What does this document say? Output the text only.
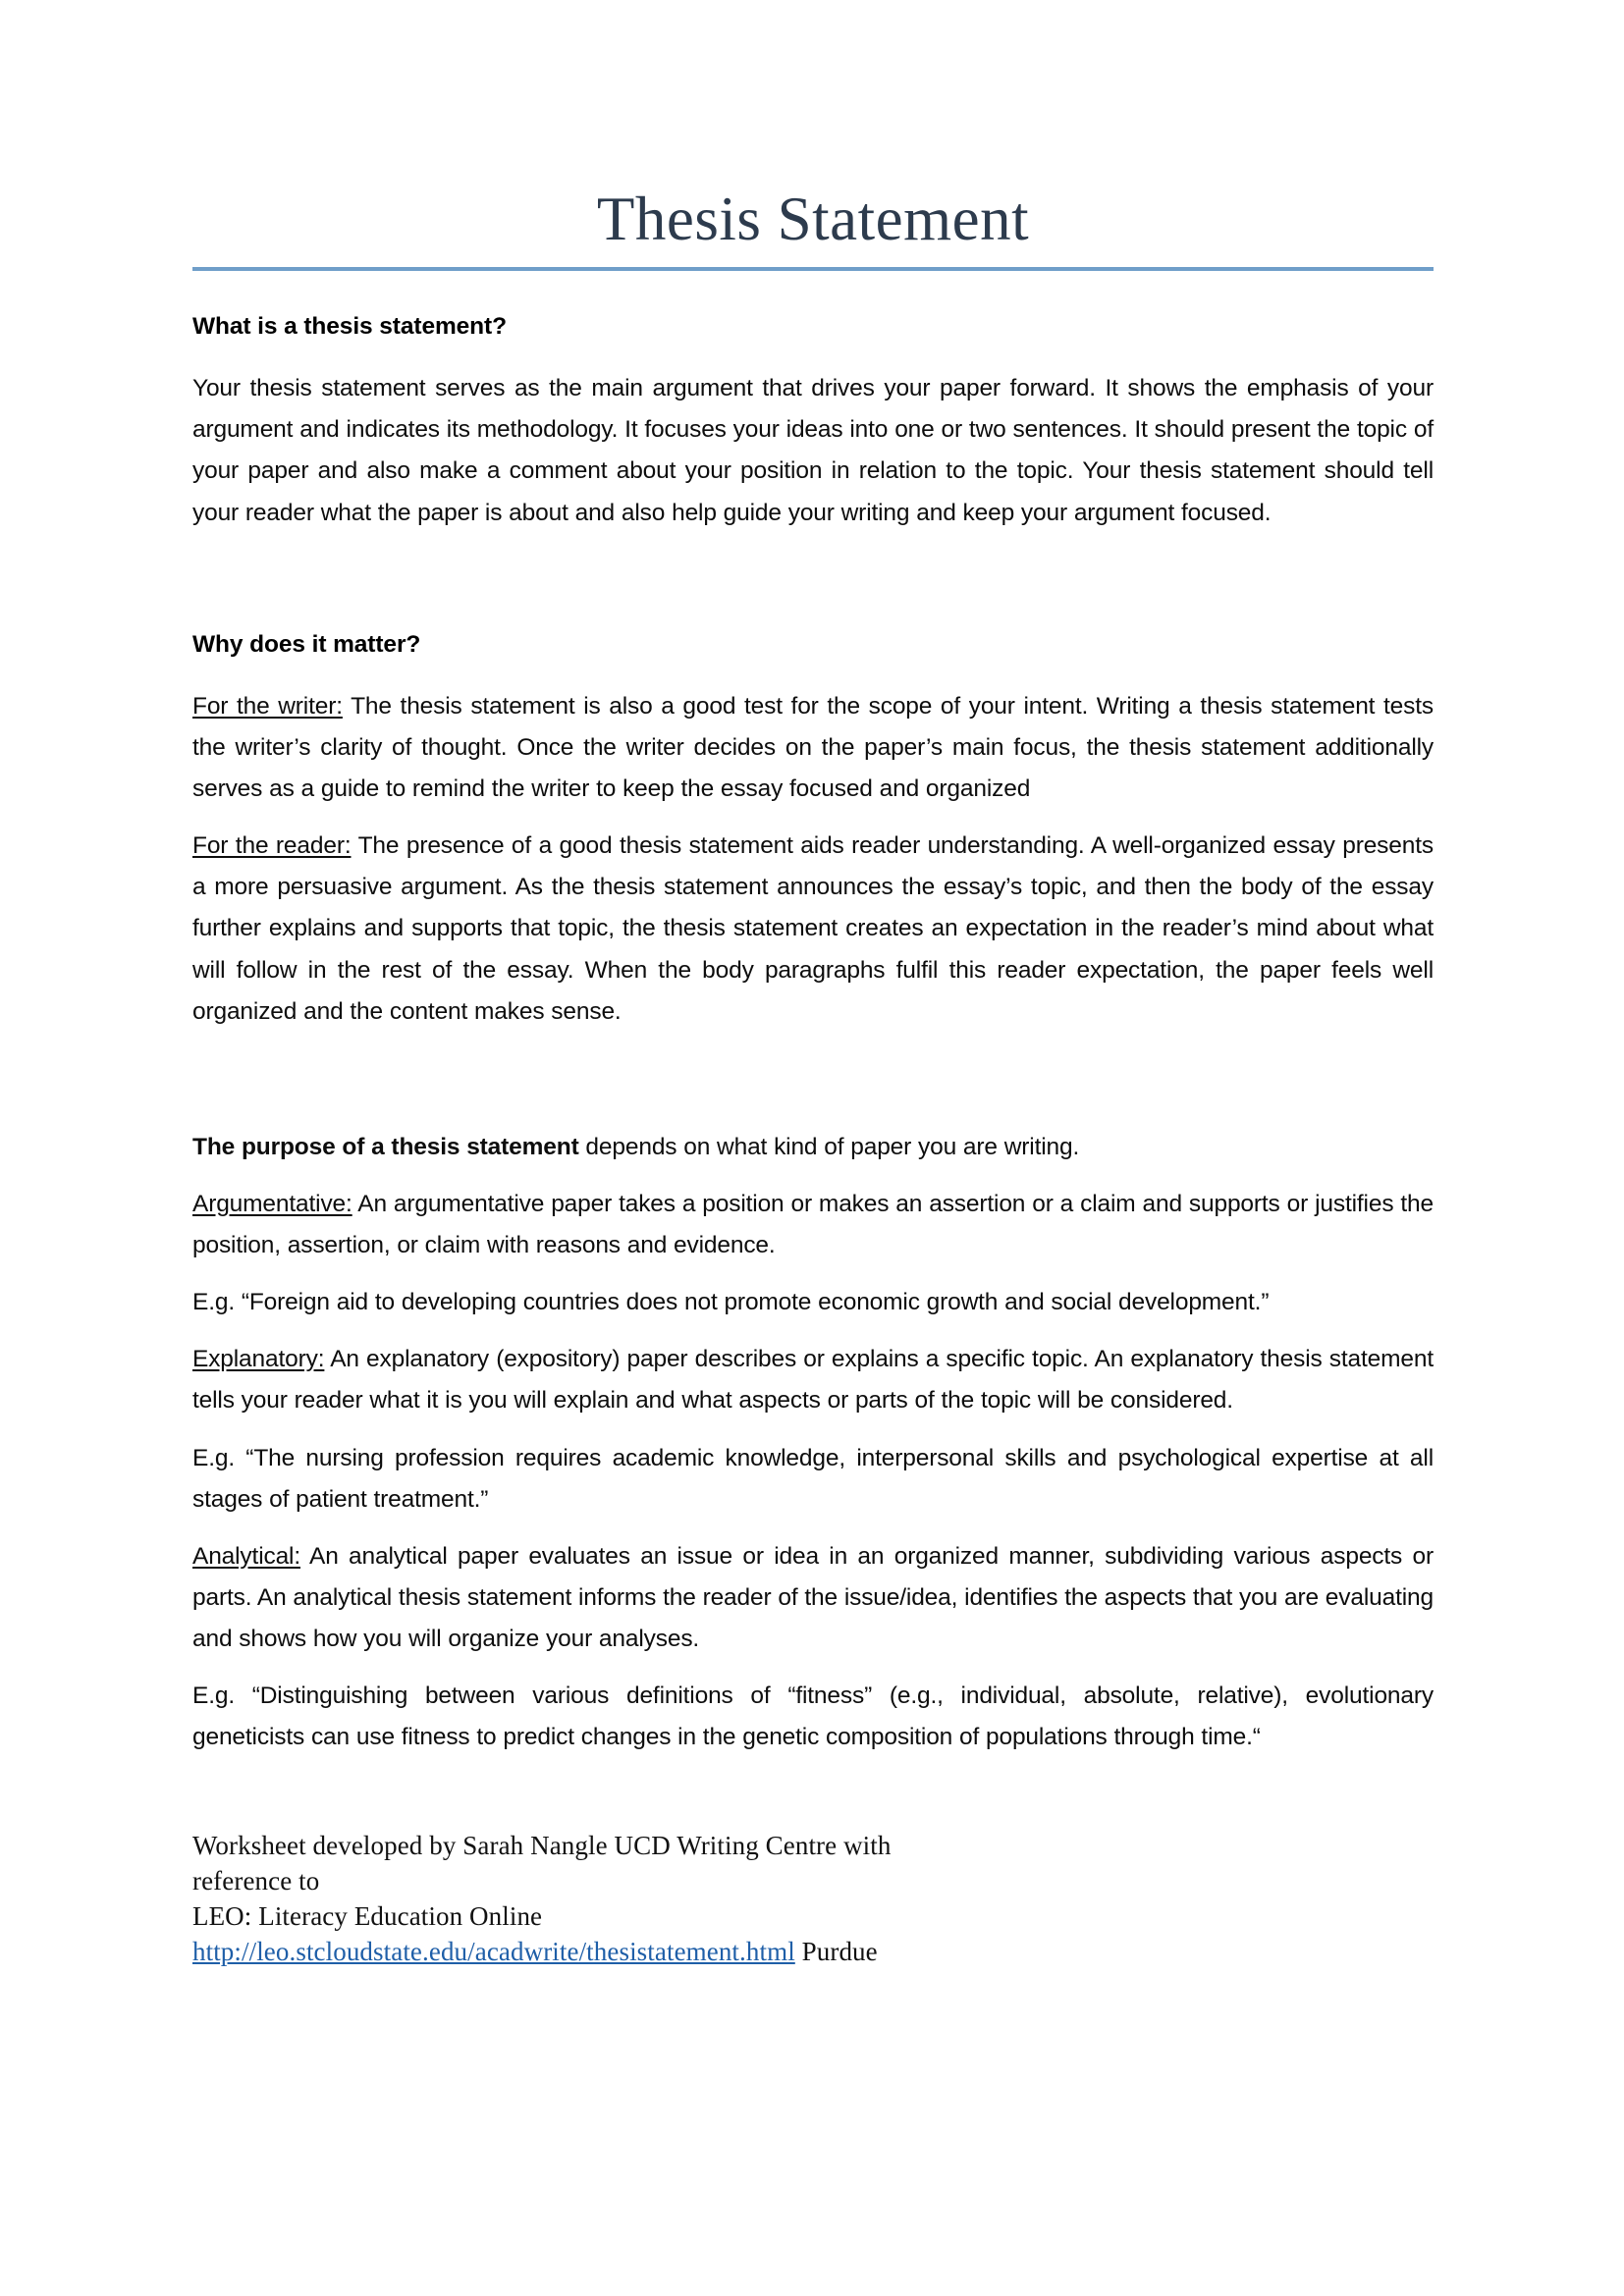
Thesis Statement
What is a thesis statement?

Your thesis statement serves as the main argument that drives your paper forward. It shows the emphasis of your argument and indicates its methodology. It focuses your ideas into one or two sentences. It should present the topic of your paper and also make a comment about your position in relation to the topic. Your thesis statement should tell your reader what the paper is about and also help guide your writing and keep your argument focused.

Why does it matter?

For the writer: The thesis statement is also a good test for the scope of your intent. Writing a thesis statement tests the writer’s clarity of thought. Once the writer decides on the paper’s main focus, the thesis statement additionally serves as a guide to remind the writer to keep the essay focused and organized

For the reader: The presence of a good thesis statement aids reader understanding. A well-organized essay presents a more persuasive argument. As the thesis statement announces the essay’s topic, and then the body of the essay further explains and supports that topic, the thesis statement creates an expectation in the reader’s mind about what will follow in the rest of the essay. When the body paragraphs fulfil this reader expectation, the paper feels well organized and the content makes sense.

The purpose of a thesis statement depends on what kind of paper you are writing.

Argumentative: An argumentative paper takes a position or makes an assertion or a claim and supports or justifies the position, assertion, or claim with reasons and evidence.

E.g. “Foreign aid to developing countries does not promote economic growth and social development.”

Explanatory: An explanatory (expository) paper describes or explains a specific topic. An explanatory thesis statement tells your reader what it is you will explain and what aspects or parts of the topic will be considered.

E.g. “The nursing profession requires academic knowledge, interpersonal skills and psychological expertise at all stages of patient treatment.”

Analytical: An analytical paper evaluates an issue or idea in an organized manner, subdividing various aspects or parts. An analytical thesis statement informs the reader of the issue/idea, identifies the aspects that you are evaluating and shows how you will organize your analyses.

E.g. “Distinguishing between various definitions of “fitness” (e.g., individual, absolute, relative), evolutionary geneticists can use fitness to predict changes in the genetic composition of populations through time.“

Worksheet developed by Sarah Nangle UCD Writing Centre with
reference to
LEO: Literacy Education Online
http://leo.stcloudstate.edu/acadwrite/thesistatement.html Purdue
